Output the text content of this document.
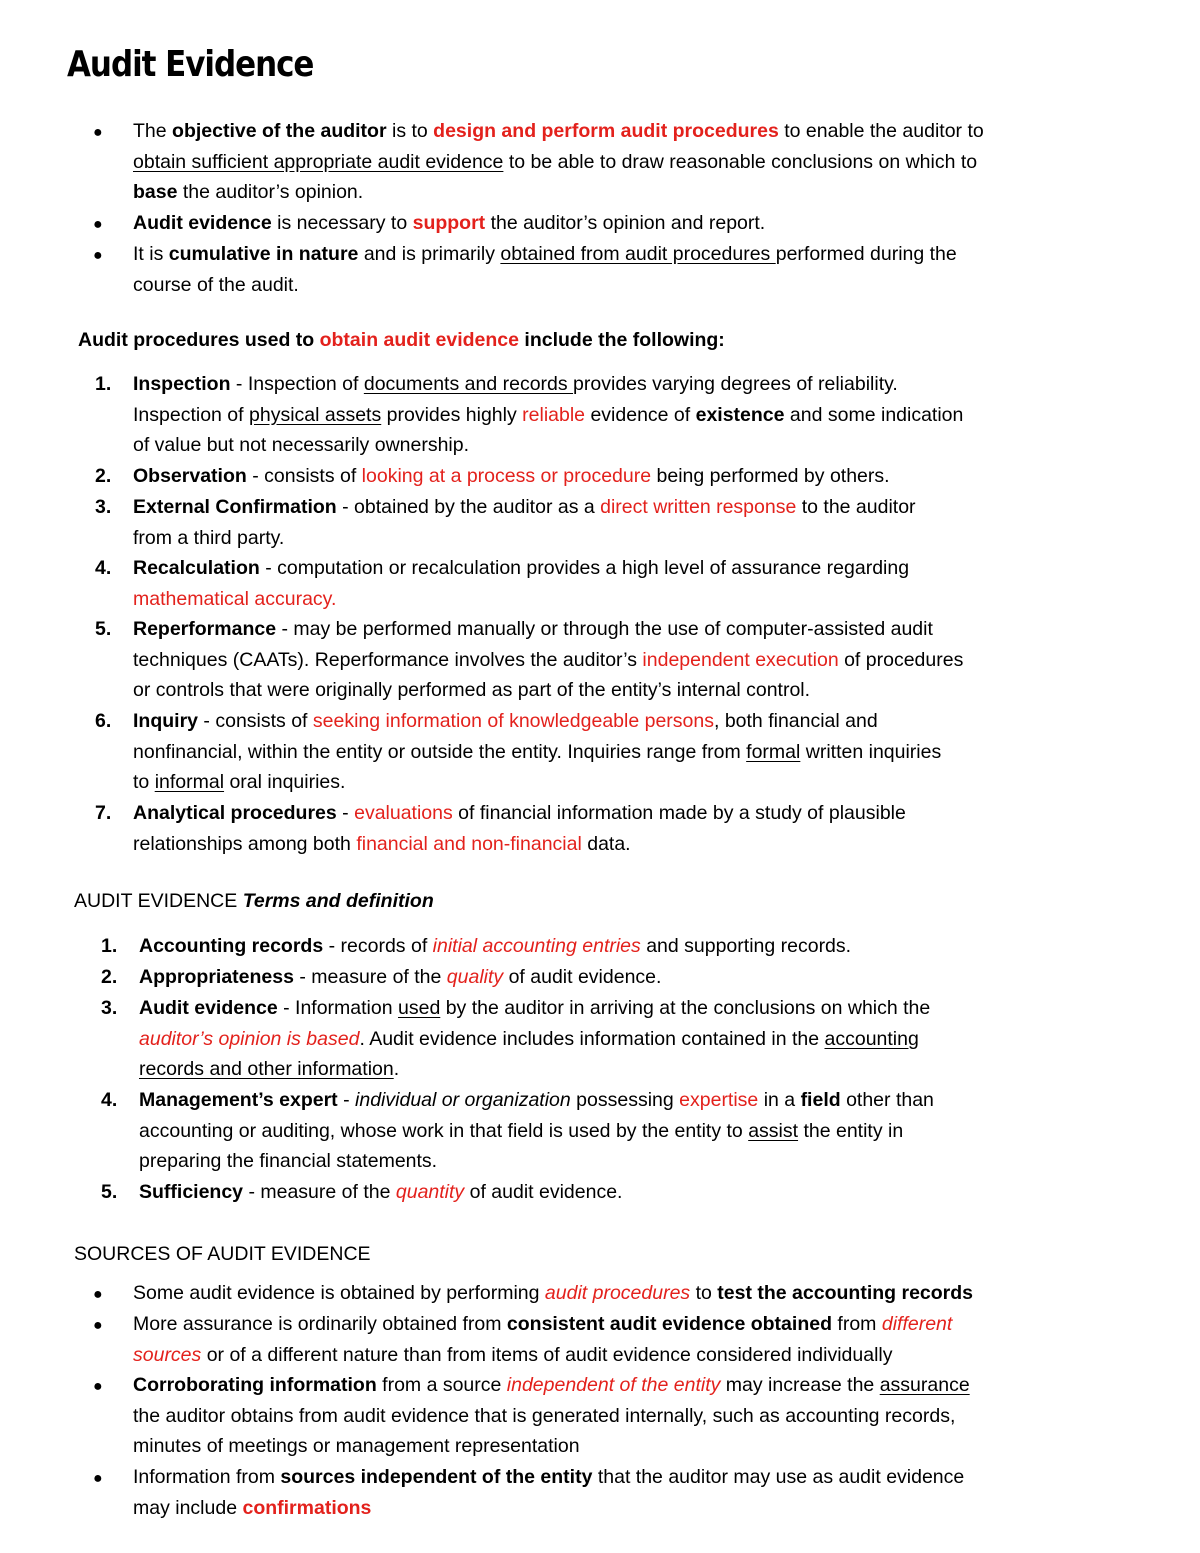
Audit Evidence
● The objective of the auditor is to design and perform audit procedures to enable the auditor to
obtain sufficient appropriate audit evidence to be able to draw reasonable conclusions on which to
base the auditor’s opinion.
● Audit evidence is necessary to support the auditor’s opinion and report.
● It is cumulative in nature and is primarily obtained from audit procedures performed during the
course of the audit.
Audit procedures used to obtain audit evidence include the following:
1. Inspection - Inspection of documents and records provides varying degrees of reliability.
Inspection of physical assets provides highly reliable evidence of existence and some indication
of value but not necessarily ownership.
2. Observation - consists of looking at a process or procedure being performed by others.
3. External Confirmation - obtained by the auditor as a direct written response to the auditor
from a third party.
4. Recalculation - computation or recalculation provides a high level of assurance regarding
mathematical accuracy.
5. Reperformance - may be performed manually or through the use of computer-assisted audit
techniques (CAATs). Reperformance involves the auditor’s independent execution of procedures
or controls that were originally performed as part of the entity’s internal control.
6. Inquiry - consists of seeking information of knowledgeable persons, both financial and
nonfinancial, within the entity or outside the entity. Inquiries range from formal written inquiries
to informal oral inquiries.
7. Analytical procedures - evaluations of financial information made by a study of plausible
relationships among both financial and non-financial data.
AUDIT EVIDENCE Terms and definition
1. Accounting records - records of initial accounting entries and supporting records.
2. Appropriateness - measure of the quality of audit evidence.
3. Audit evidence - Information used by the auditor in arriving at the conclusions on which the
auditor’s opinion is based. Audit evidence includes information contained in the accounting
records and other information.
4. Management’s expert - individual or organization possessing expertise in a field other than
accounting or auditing, whose work in that field is used by the entity to assist the entity in
preparing the financial statements.
5. Sufficiency - measure of the quantity of audit evidence.
SOURCES OF AUDIT EVIDENCE
● Some audit evidence is obtained by performing audit procedures to test the accounting records
● More assurance is ordinarily obtained from consistent audit evidence obtained from different
sources or of a different nature than from items of audit evidence considered individually
● Corroborating information from a source independent of the entity may increase the assurance
the auditor obtains from audit evidence that is generated internally, such as accounting records,
minutes of meetings or management representation
● Information from sources independent of the entity that the auditor may use as audit evidence
may include confirmations
